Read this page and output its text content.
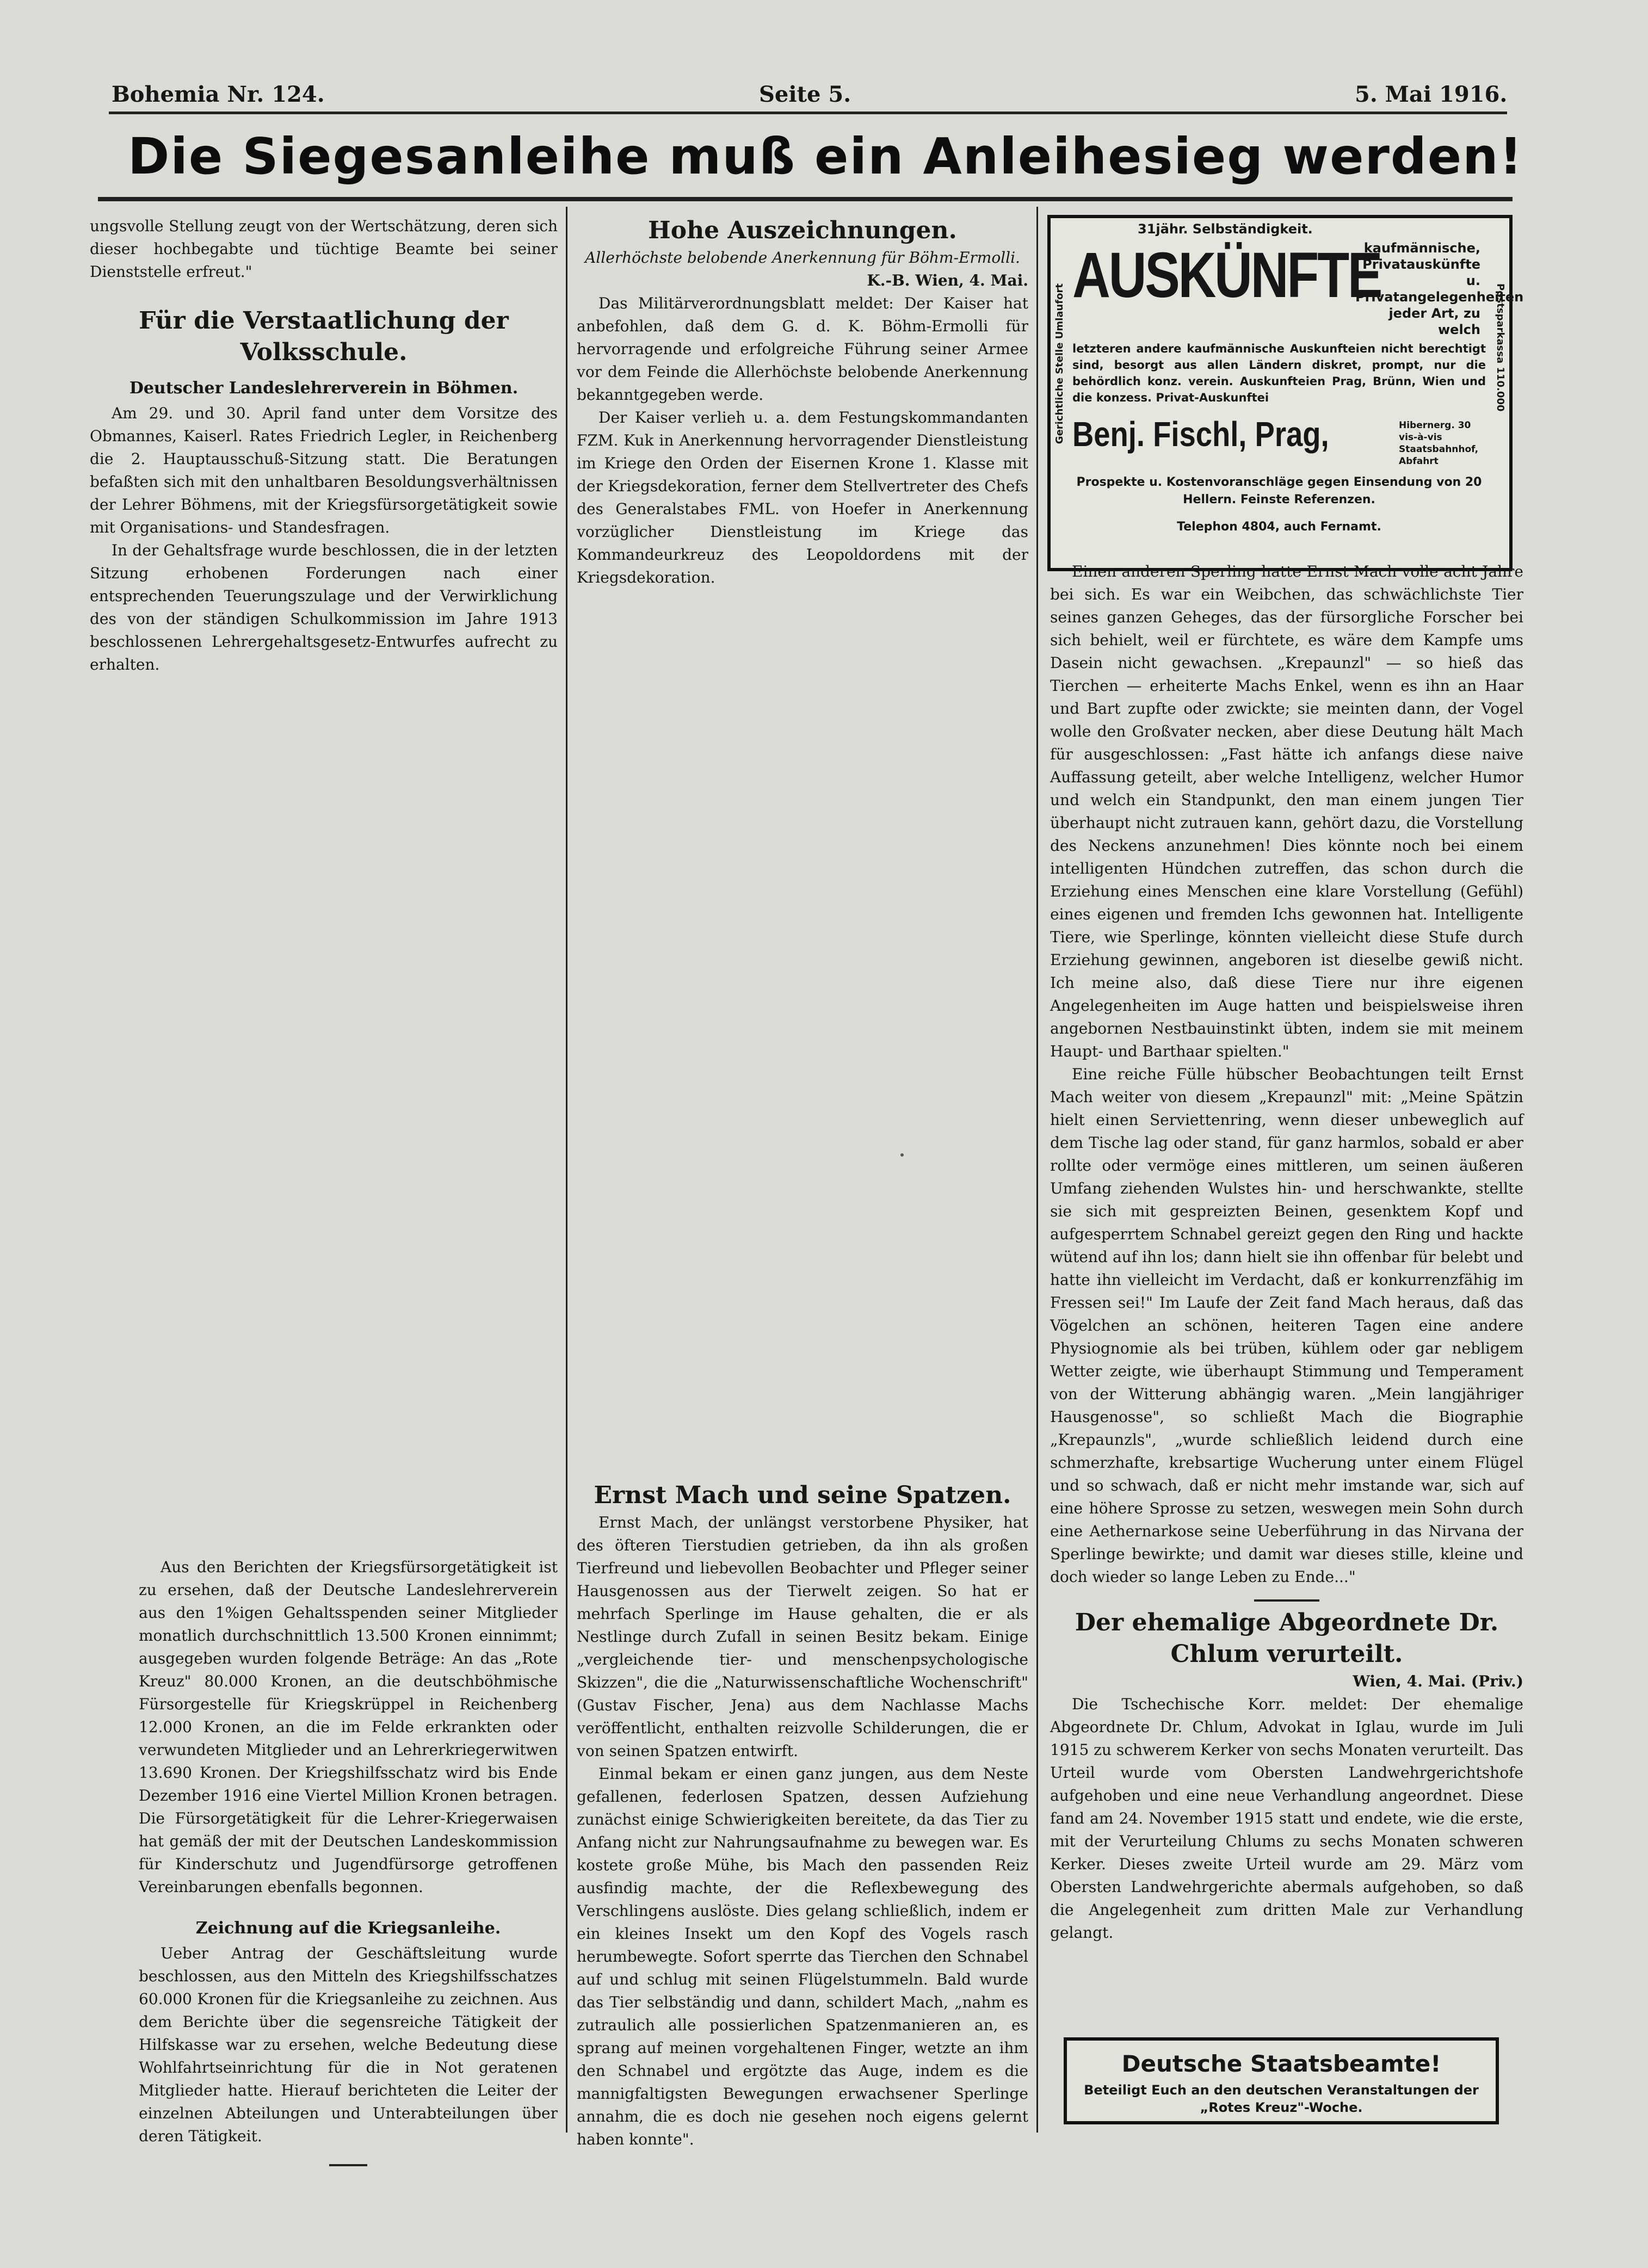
Bohemia Nr. 124.	Seite 5.	5. Mai 1916.
Die Siegesanleihe muß ein Anleihesieg werden!

ungsvolle Stellung zeugt von der Wertschätzung, deren sich dieser hochbegabte und tüchtige Beamte bei seiner Dienststelle erfreut."

Für die Verstaatlichung der Volksschule.
Deutscher Landeslehrerverein in Böhmen.

Am 29. und 30. April fand unter dem Vorsitze des Obmannes, Kaiserl. Rates Friedrich Legler, in Reichenberg die 2. Hauptausschuß-Sitzung statt. Die Beratungen befaßten sich mit den unhaltbaren Besoldungsverhältnissen der Lehrer Böhmens, mit der Kriegsfürsorgetätigkeit sowie mit Organisations- und Standesfragen.

In der Gehaltsfrage wurde beschlossen, die in der letzten Sitzung erhobenen Forderungen nach einer entsprechenden Teuerungszulage und der Verwirklichung des von der ständigen Schulkommission im Jahre 1913 beschlossenen Lehrergehaltsgesetz-Entwurfes aufrecht zu erhalten.

Aus den Berichten der Kriegsfürsorgetätigkeit ist zu ersehen, daß der Deutsche Landeslehrerverein aus den 1%igen Gehaltsspenden seiner Mitglieder monatlich durchschnittlich 13.500 Kronen einnimmt; ausgegeben wurden folgende Beträge: An das „Rote Kreuz" 80.000 Kronen, an die deutschböhmische Fürsorgestelle für Kriegskrüppel in Reichenberg 12.000 Kronen, an die im Felde erkrankten oder verwundeten Mitglieder und an Lehrerkriegerwitwen 13.690 Kronen. Der Kriegshilfsschatz wird bis Ende Dezember 1916 eine Viertel Million Kronen betragen. Die Fürsorgetätigkeit für die Lehrer-Kriegerwaisen hat gemäß der mit der Deutschen Landeskommission für Kinderschutz und Jugendfürsorge getroffenen Vereinbarungen ebenfalls begonnen.

Zeichnung auf die Kriegsanleihe.

Ueber Antrag der Geschäftsleitung wurde beschlossen, aus den Mitteln des Kriegshilfsschatzes 60.000 Kronen für die Kriegsanleihe zu zeichnen. Aus dem Berichte über die segensreiche Tätigkeit der Hilfskasse war zu ersehen, welche Bedeutung diese Wohlfahrtseinrichtung für die in Not geratenen Mitglieder hatte. Hierauf berichteten die Leiter der einzelnen Abteilungen und Unterabteilungen über deren Tätigkeit.

Hohe Auszeichnungen.

Allerhöchste belobende Anerkennung für Böhm-Ermolli.

K.-B. Wien, 4. Mai.

Das Militärverordnungsblatt meldet: Der Kaiser hat anbefohlen, daß dem G. d. K. Böhm-Ermolli für hervorragende und erfolgreiche Führung seiner Armee vor dem Feinde die Allerhöchste belobende Anerkennung bekanntgegeben werde.

Der Kaiser verlieh u. a. dem Festungskommandanten FZM. Kuk in Anerkennung hervorragender Dienstleistung im Kriege den Orden der Eisernen Krone 1. Klasse mit der Kriegsdekoration, ferner dem Stellvertreter des Chefs des Generalstabes FML. von Hoefer in Anerkennung vorzüglicher Dienstleistung im Kriege das Kommandeurkreuz des Leopoldordens mit der Kriegsdekoration.

Ernst Mach und seine Spatzen.

Ernst Mach, der unlängst verstorbene Physiker, hat des öfteren Tierstudien getrieben, da ihn als großen Tierfreund und liebevollen Beobachter und Pfleger seiner Hausgenossen aus der Tierwelt zeigen. So hat er mehrfach Sperlinge im Hause gehalten, die er als Nestlinge durch Zufall in seinen Besitz bekam. Einige „vergleichende tier- und menschenpsychologische Skizzen", die die „Naturwissenschaftliche Wochenschrift" (Gustav Fischer, Jena) aus dem Nachlasse Machs veröffentlicht, enthalten reizvolle Schilderungen, die er von seinen Spatzen entwirft.

Einmal bekam er einen ganz jungen, aus dem Neste gefallenen, federlosen Spatzen, dessen Aufziehung zunächst einige Schwierigkeiten bereitete, da das Tier zu Anfang nicht zur Nahrungsaufnahme zu bewegen war. Es kostete große Mühe, bis Mach den passenden Reiz ausfindig machte, der die Reflexbewegung des Verschlingens auslöste. Dies gelang schließlich, indem er ein kleines Insekt um den Kopf des Vogels rasch herumbewegte. Sofort sperrte das Tierchen den Schnabel auf und schlug mit seinen Flügelstummeln. Bald wurde das Tier selbständig und dann, schildert Mach, „nahm es zutraulich alle possierlichen Spatzenmanieren an, es sprang auf meinen vorgehaltenen Finger, wetzte an ihm den Schnabel und ergötzte das Auge, indem es die mannigfaltigsten Bewegungen erwachsener Sperlinge annahm, die es doch nie gesehen noch eigens gelernt haben konnte".

Gerichtliche Stelle Umlaufort	Postsparkassa 110.000
31jähr. Selbständigkeit.
AUSKÜNFTE
kaufmännische, Privatauskünfte u. Privatangelegenheiten jeder Art, zu welch
letzteren andere kaufmännische Auskunfteien nicht berechtigt sind, besorgt aus allen Ländern diskret, prompt, nur die behördlich konz. verein. Auskunfteien Prag, Brünn, Wien und die konzess. Privat-Auskunftei
Benj. Fischl, Prag,	Hibernerg. 30 vis-à-vis Staatsbahnhof, Abfahrt
Prospekte u. Kostenvoranschläge gegen Einsendung von 20 Hellern. Feinste Referenzen.
Telephon 4804, auch Fernamt.

Einen anderen Sperling hatte Ernst Mach volle acht Jahre bei sich. Es war ein Weibchen, das schwächlichste Tier seines ganzen Geheges, das der fürsorgliche Forscher bei sich behielt, weil er fürchtete, es wäre dem Kampfe ums Dasein nicht gewachsen. „Krepaunzl" — so hieß das Tierchen — erheiterte Machs Enkel, wenn es ihn an Haar und Bart zupfte oder zwickte; sie meinten dann, der Vogel wolle den Großvater necken, aber diese Deutung hält Mach für ausgeschlossen: „Fast hätte ich anfangs diese naive Auffassung geteilt, aber welche Intelligenz, welcher Humor und welch ein Standpunkt, den man einem jungen Tier überhaupt nicht zutrauen kann, gehört dazu, die Vorstellung des Neckens anzunehmen! Dies könnte noch bei einem intelligenten Hündchen zutreffen, das schon durch die Erziehung eines Menschen eine klare Vorstellung (Gefühl) eines eigenen und fremden Ichs gewonnen hat. Intelligente Tiere, wie Sperlinge, könnten vielleicht diese Stufe durch Erziehung gewinnen, angeboren ist dieselbe gewiß nicht. Ich meine also, daß diese Tiere nur ihre eigenen Angelegenheiten im Auge hatten und beispielsweise ihren angebornen Nestbauinstinkt übten, indem sie mit meinem Haupt- und Barthaar spielten."

Eine reiche Fülle hübscher Beobachtungen teilt Ernst Mach weiter von diesem „Krepaunzl" mit: „Meine Spätzin hielt einen Serviettenring, wenn dieser unbeweglich auf dem Tische lag oder stand, für ganz harmlos, sobald er aber rollte oder vermöge eines mittleren, um seinen äußeren Umfang ziehenden Wulstes hin- und herschwankte, stellte sie sich mit gespreizten Beinen, gesenktem Kopf und aufgesperrtem Schnabel gereizt gegen den Ring und hackte wütend auf ihn los; dann hielt sie ihn offenbar für belebt und hatte ihn vielleicht im Verdacht, daß er konkurrenzfähig im Fressen sei!" Im Laufe der Zeit fand Mach heraus, daß das Vögelchen an schönen, heiteren Tagen eine andere Physiognomie als bei trüben, kühlem oder gar nebligem Wetter zeigte, wie überhaupt Stimmung und Temperament von der Witterung abhängig waren. „Mein langjähriger Hausgenosse", so schließt Mach die Biographie „Krepaunzls", „wurde schließlich leidend durch eine schmerzhafte, krebsartige Wucherung unter einem Flügel und so schwach, daß er nicht mehr imstande war, sich auf eine höhere Sprosse zu setzen, weswegen mein Sohn durch eine Aethernarkose seine Ueberführung in das Nirvana der Sperlinge bewirkte; und damit war dieses stille, kleine und doch wieder so lange Leben zu Ende..."

Der ehemalige Abgeordnete Dr. Chlum verurteilt.

Wien, 4. Mai. (Priv.)

Die Tschechische Korr. meldet: Der ehemalige Abgeordnete Dr. Chlum, Advokat in Iglau, wurde im Juli 1915 zu schwerem Kerker von sechs Monaten verurteilt. Das Urteil wurde vom Obersten Landwehrgerichtshofe aufgehoben und eine neue Verhandlung angeordnet. Diese fand am 24. November 1915 statt und endete, wie die erste, mit der Verurteilung Chlums zu sechs Monaten schweren Kerker. Dieses zweite Urteil wurde am 29. März vom Obersten Landwehrgerichte abermals aufgehoben, so daß die Angelegenheit zum dritten Male zur Verhandlung gelangt.

Deutsche Staatsbeamte!
Beteiligt Euch an den deutschen Veranstaltungen der „Rotes Kreuz"-Woche.
